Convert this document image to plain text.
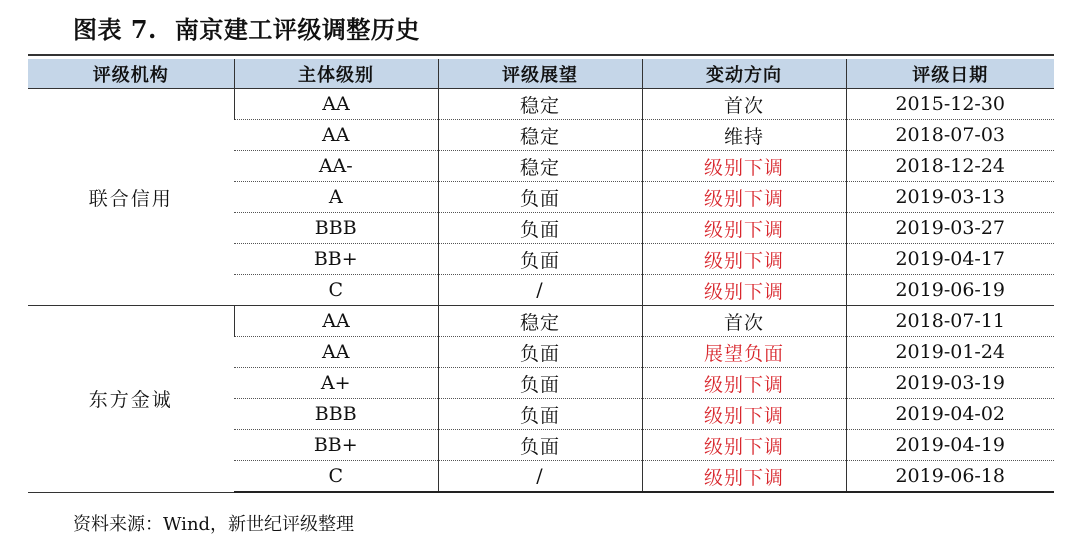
图表 7. 南京建工评级调整历史
评级机构	主体级别	评级展望	变动方向	评级日期
联合信用	AA	稳定	首次	2015-12-30
	AA	稳定	维持	2018-07-03
	AA-	稳定	级别下调	2018-12-24
	A	负面	级别下调	2019-03-13
	BBB	负面	级别下调	2019-03-27
	BB+	负面	级别下调	2019-04-17
	C	/	级别下调	2019-06-19
东方金诚	AA	稳定	首次	2018-07-11
	AA	负面	展望负面	2019-01-24
	A+	负面	级别下调	2019-03-19
	BBB	负面	级别下调	2019-04-02
	BB+	负面	级别下调	2019-04-19
	C	/	级别下调	2019-06-18
资料来源：Wind，新世纪评级整理
